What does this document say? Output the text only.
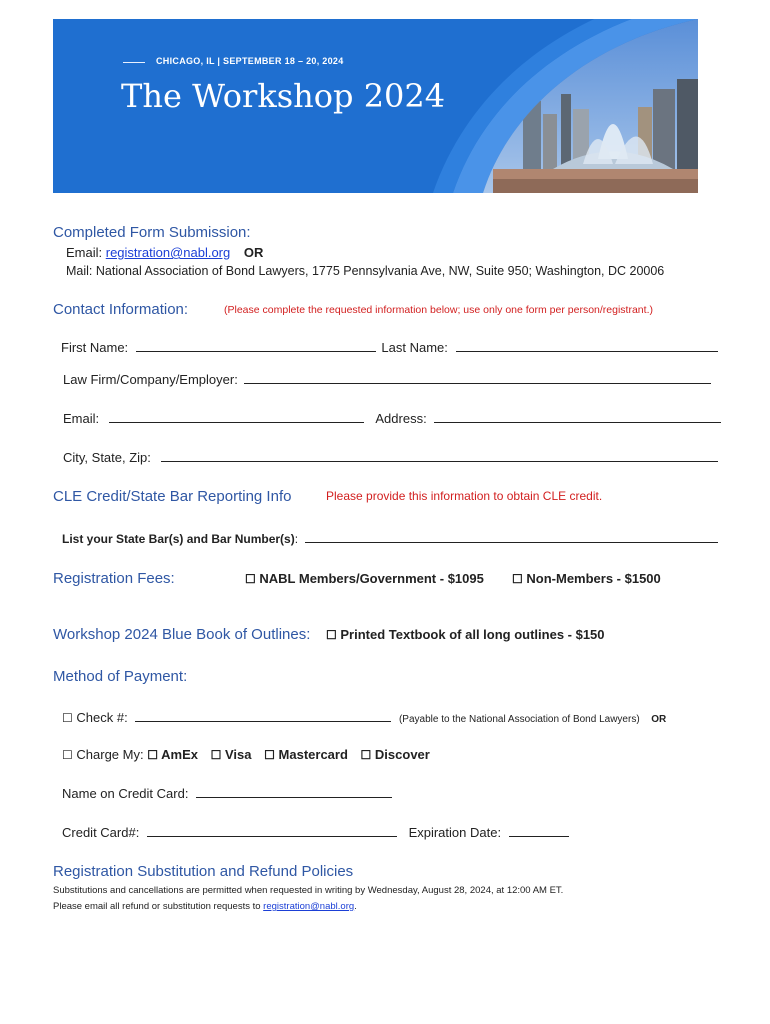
CHICAGO, IL | SEPTEMBER 18 – 20, 2024
The Workshop 2024
Completed Form Submission:
Email: registration@nabl.org OR
Mail: National Association of Bond Lawyers, 1775 Pennsylvania Ave, NW, Suite 950; Washington, DC 20006
Contact Information:	(Please complete the requested information below; use only one form per person/registrant.)
First Name:	Last Name:
Law Firm/Company/Employer:
Email:	Address:
City, State, Zip:
CLE Credit/State Bar Reporting Info	Please provide this information to obtain CLE credit.
List your State Bar(s) and Bar Number(s):
Registration Fees:	☐ NABL Members/Government - $1095 ☐ Non-Members - $1500
Workshop 2024 Blue Book of Outlines: ☐ Printed Textbook of all long outlines - $150
Method of Payment:
☐ Check #:	(Payable to the National Association of Bond Lawyers) OR
☐ Charge My: ☐ AmEx ☐ Visa ☐ Mastercard ☐ Discover
Name on Credit Card:
Credit Card#:	Expiration Date:
Registration Substitution and Refund Policies
Substitutions and cancellations are permitted when requested in writing by Wednesday, August 28, 2024, at 12:00 AM ET.
Please email all refund or substitution requests to registration@nabl.org.
